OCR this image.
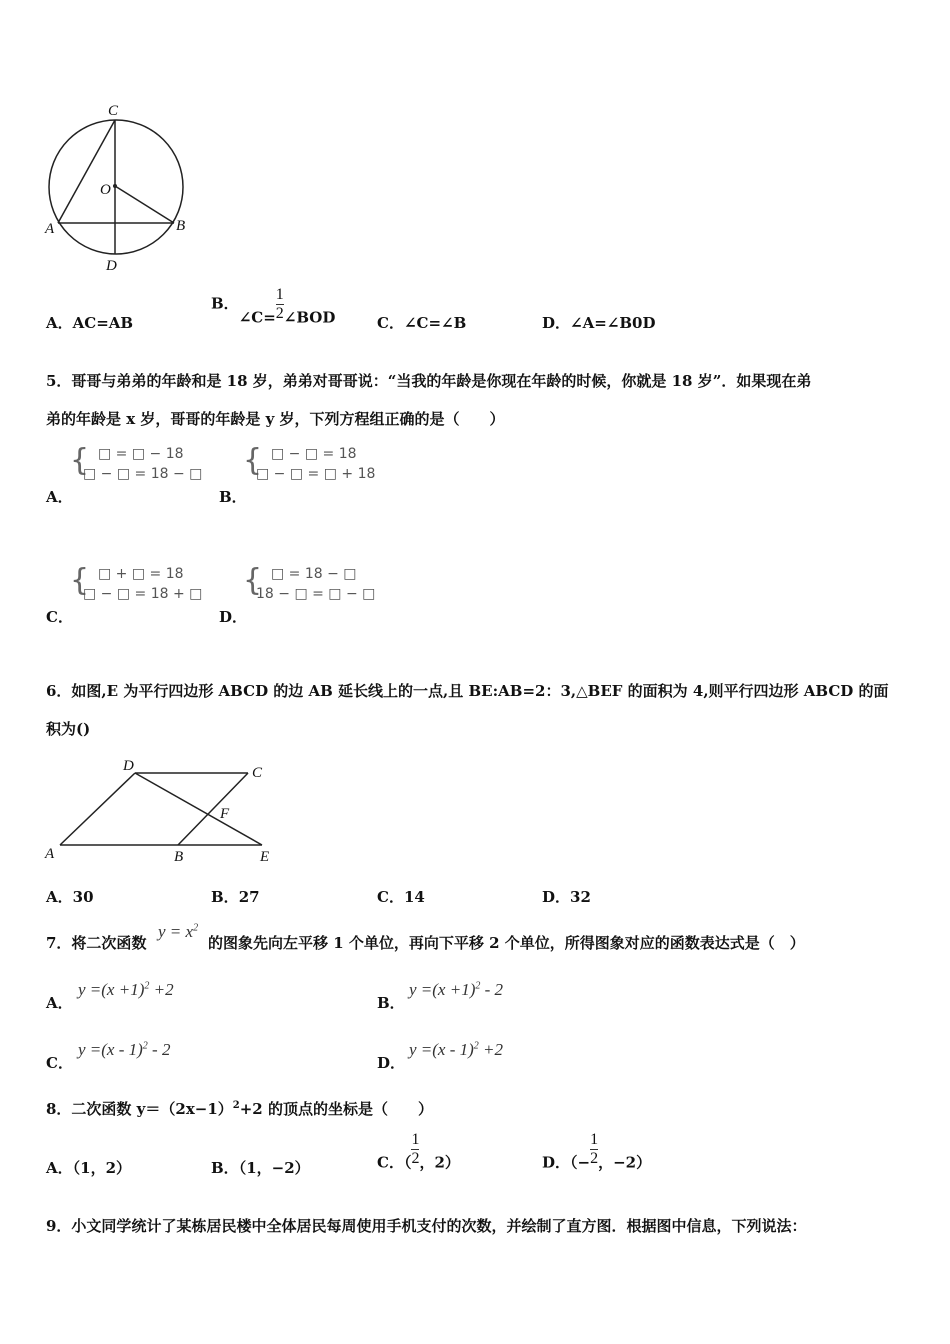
C
O
A	B
D
A．AC=AB
B．∠C= $\frac{1}{2}$ ∠BOD	C．∠C=∠B	D．∠A=∠B0D
5．哥哥与弟弟的年龄和是 18 岁，弟弟对哥哥说：“当我的年龄是你现在年龄的时候，你就是 18 岁”．如果现在弟
弟的年龄是 x 岁，哥哥的年龄是 y 岁，下列方程组正确的是（　　）
{ □ = □ − 18
□ − □ = 18 − □
A．
{ □ − □ = 18
□ − □ = □ + 18
B．
{ □ + □ = 18
□ − □ = 18 + □
C．
{ □ = 18 − □
18 − □ = □ − □
D．
6．如图,E 为平行四边形 ABCD 的边 AB 延长线上的一点,且 BE:AB=2：3,△BEF 的面积为 4,则平行四边形 ABCD 的面
积为()
D	C
F
A	B	E
A．30	B．27	C．14	D．32
7．将二次函数
$y = x^2$
的图象先向左平移 1 个单位，再向下平移 2 个单位，所得图象对应的函数表达式是（　）
A．
$y =(x +1)^2 +2$
B．
$y =(x +1)^2 - 2$
C．
y =(x - 1)$^2$ - 2
D．
y =(x - 1)$^2$ +2
8．二次函数 $y=(2x-1)^2+2$ 的顶点的坐标是（　　）
A．（1，2）	B．（1，−2）	C．（ $\frac{1}{2}$ ，2）	D．（− $\frac{1}{2}$ ，−2）
9．小文同学统计了某栋居民楼中全体居民每周使用手机支付的次数，并绘制了直方图．根据图中信息，下列说法：
